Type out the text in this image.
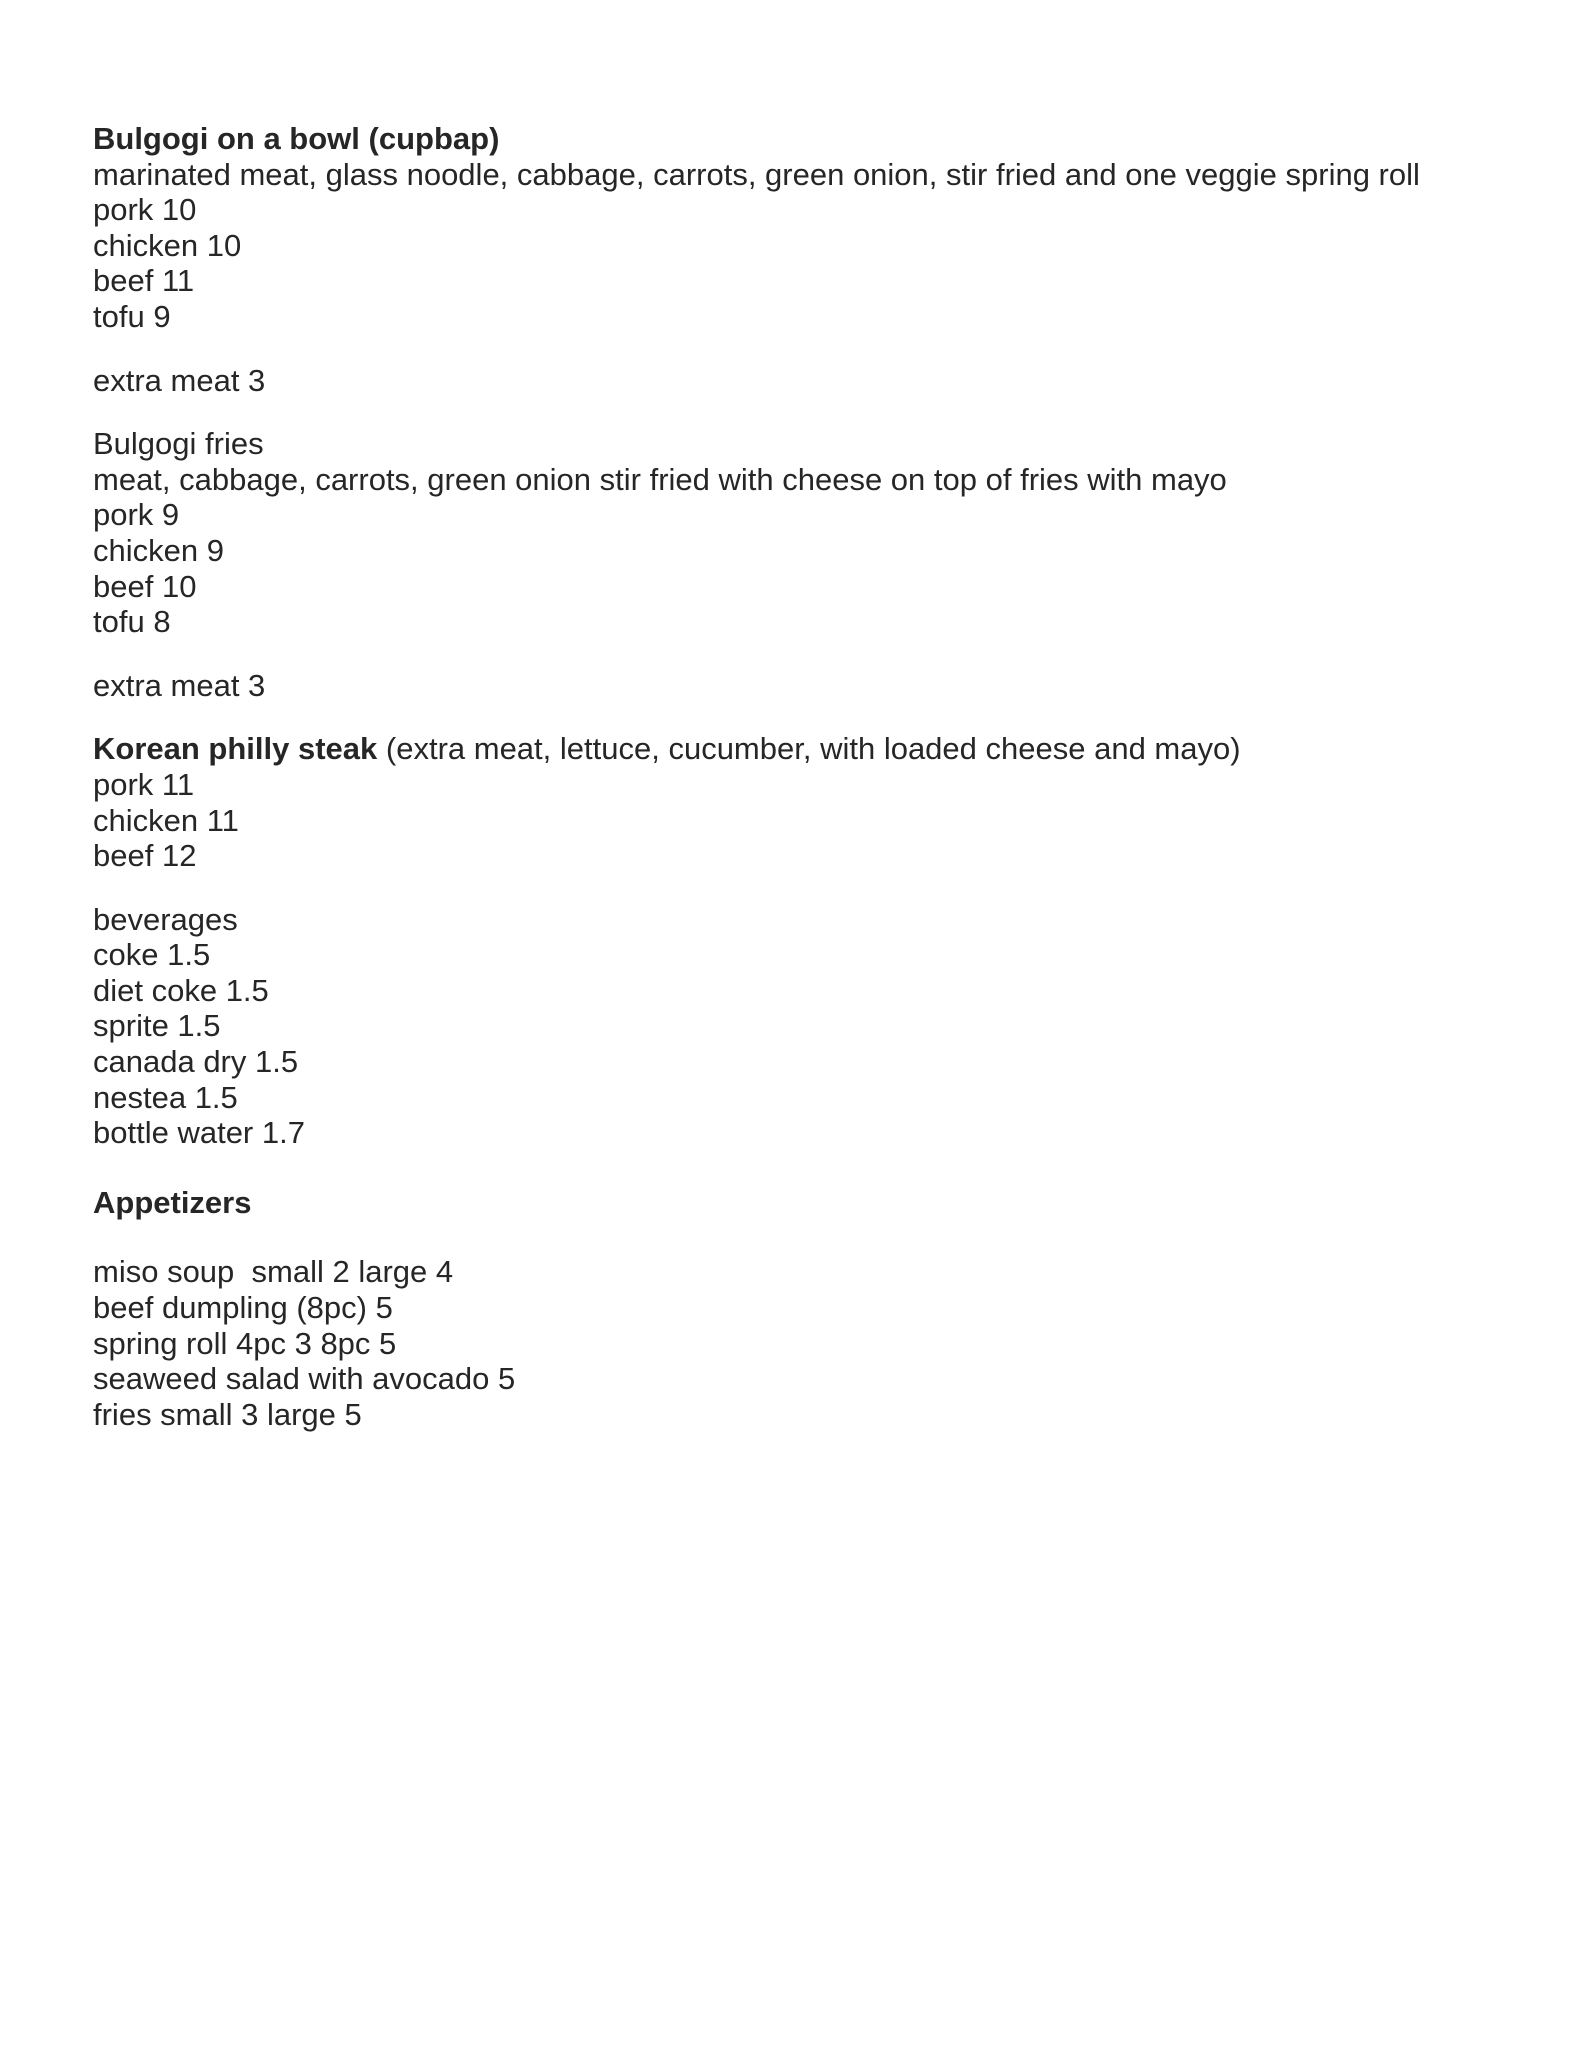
Bulgogi on a bowl (cupbap)
marinated meat, glass noodle, cabbage, carrots, green onion, stir fried and one veggie spring roll
pork 10
chicken 10
beef 11
tofu 9
extra meat 3
Bulgogi fries
meat, cabbage, carrots, green onion stir fried with cheese on top of fries with mayo
pork 9
chicken 9
beef 10
tofu 8
extra meat 3
Korean philly steak (extra meat, lettuce, cucumber, with loaded cheese and mayo)
pork 11
chicken 11
beef 12
beverages
coke 1.5
diet coke 1.5
sprite 1.5
canada dry 1.5
nestea 1.5
bottle water 1.7
Appetizers
miso soup  small 2 large 4
beef dumpling (8pc) 5
spring roll 4pc 3 8pc 5
seaweed salad with avocado 5
fries small 3 large 5
